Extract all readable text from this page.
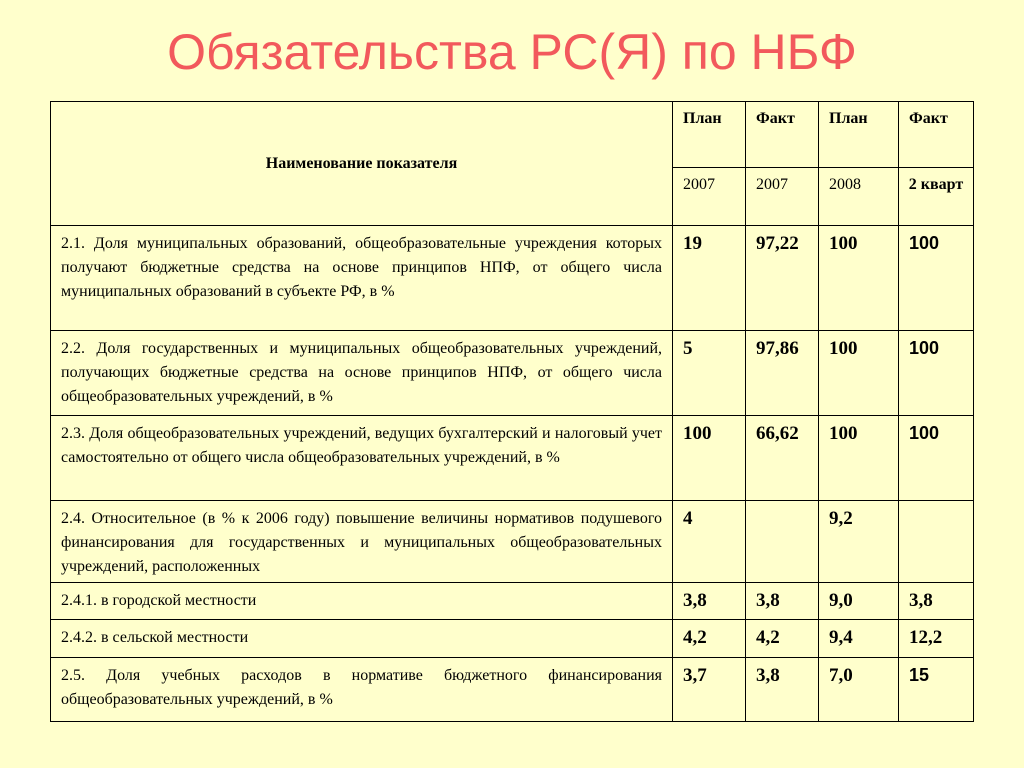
Обязательства РС(Я) по НБФ
Наименование показателя	План	Факт	План	Факт
	2007	2007	2008	2 кварт
2.1. Доля муниципальных образований, общеобразовательные учреждения которых получают бюджетные средства на основе принципов НПФ, от общего числа муниципальных образований в субъекте РФ, в %	19	97,22	100	100
2.2. Доля государственных и муниципальных общеобразовательных учреждений, получающих бюджетные средства на основе принципов НПФ, от общего числа общеобразовательных учреждений, в %	5	97,86	100	100
2.3. Доля общеобразовательных учреждений, ведущих бухгалтерский и налоговый учет самостоятельно от общего числа общеобразовательных учреждений, в %	100	66,62	100	100
2.4. Относительное (в % к 2006 году) повышение величины нормативов подушевого финансирования для государственных и муниципальных общеобразовательных учреждений, расположенных	4		9,2	
2.4.1. в городской местности	3,8	3,8	9,0	3,8
2.4.2. в сельской местности	4,2	4,2	9,4	12,2
2.5. Доля учебных расходов в нормативе бюджетного финансирования общеобразовательных учреждений, в %	3,7	3,8	7,0	15
